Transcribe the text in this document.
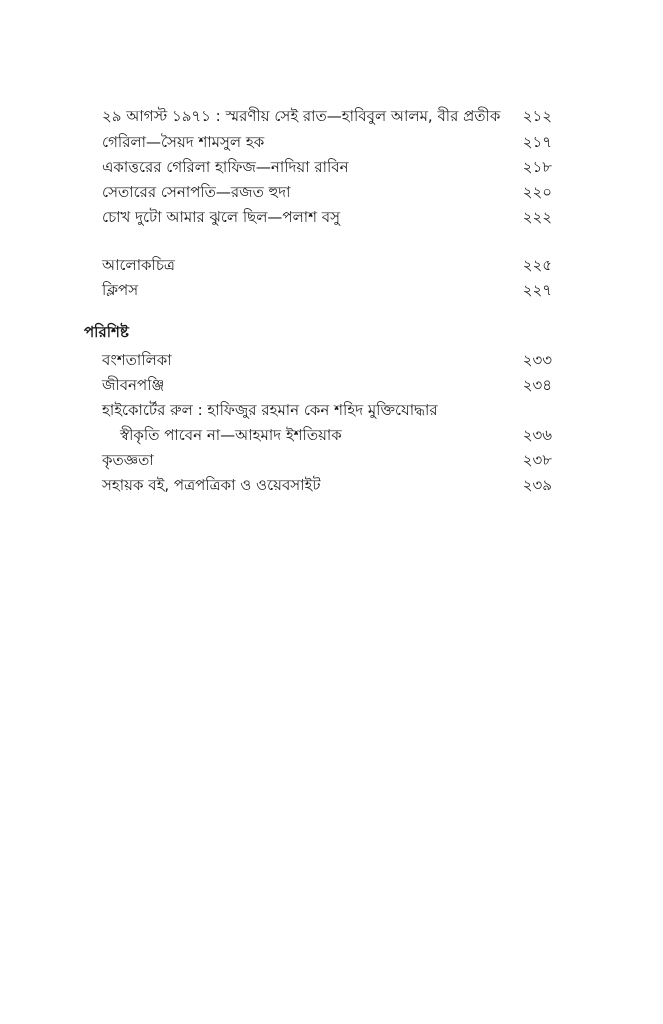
২৯ আগস্ট ১৯৭১ : স্মরণীয় সেই রাত—হাবিবুল আলম, বীর প্রতীক ২১২
গেরিলা—সৈয়দ শামসুল হক	২১৭
একাত্তরের গেরিলা হাফিজ—নাদিয়া রাবিন	২১৮
সেতারের সেনাপতি—রজত হুদা	২২০
চোখ দুটো আমার ঝুলে ছিল—পলাশ বসু	২২২
আলোকচিত্র	২২৫
ক্লিপস	২২৭
পরিশিষ্ট
বংশতালিকা	২৩৩
জীবনপঞ্জি	২৩৪
হাইকোর্টের রুল : হাফিজুর রহমান কেন শহিদ মুক্তিযোদ্ধার
স্বীকৃতি পাবেন না—আহমাদ ইশতিয়াক	২৩৬
কৃতজ্ঞতা	২৩৮
সহায়ক বই, পত্রপত্রিকা ও ওয়েবসাইট	২৩৯
